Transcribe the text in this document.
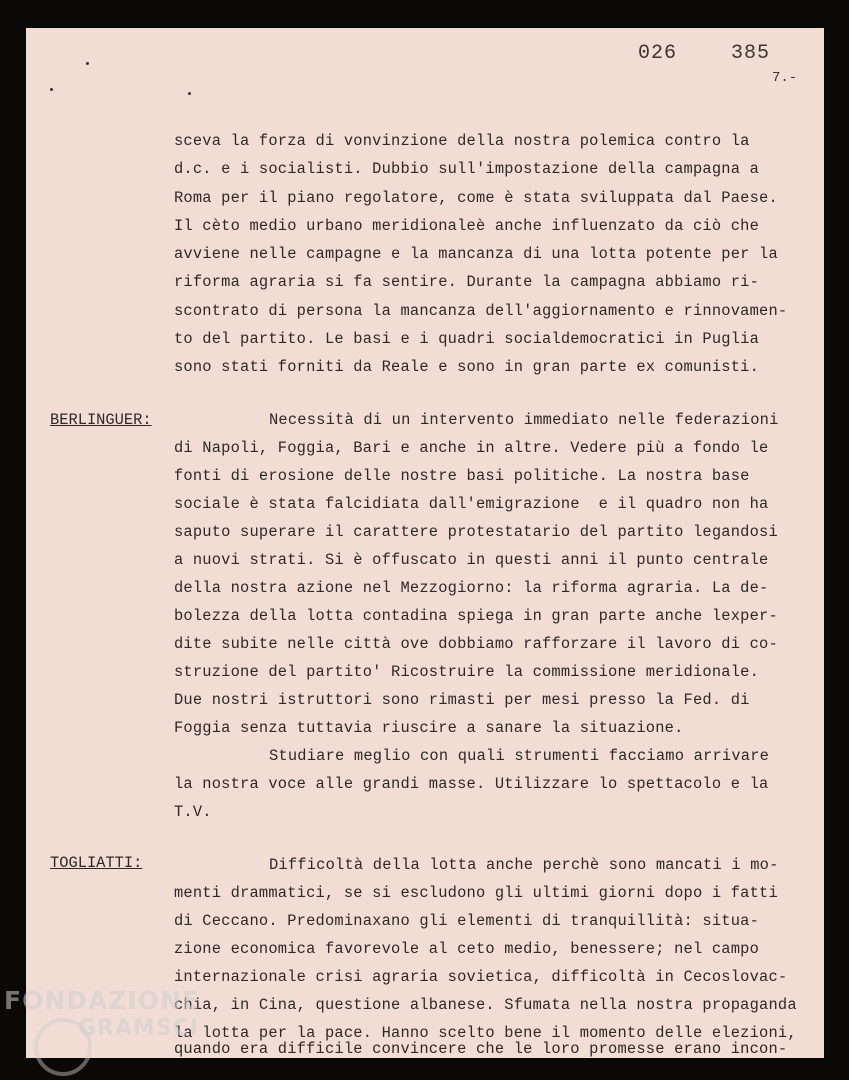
026  385
7.-
sceva la forza di vonvinzione della nostra polemica contro la
d.c. e i socialisti. Dubbio sull'impostazione della campagna a
Roma per il piano regolatore, come è stata sviluppata dal Paese.
Il cèto medio urbano meridionaleè anche influenzato da ciò che
avviene nelle campagne e la mancanza di una lotta potente per la
riforma agraria si fa sentire. Durante la campagna abbiamo ri-
scontrato di persona la mancanza dell'aggiornamento e rinnovamen-
to del partito. Le basi e i quadri socialdemocratici in Puglia
sono stati forniti da Reale e sono in gran parte ex comunisti.
BERLINGUER:	Necessità di un intervento immediato nelle federazioni
di Napoli, Foggia, Bari e anche in altre. Vedere più a fondo le
fonti di erosione delle nostre basi politiche. La nostra base
sociale è stata falcidiata dall'emigrazione  e il quadro non ha
saputo superare il carattere protestatario del partito legandosi
a nuovi strati. Si è offuscato in questi anni il punto centrale
della nostra azione nel Mezzogiorno: la riforma agraria. La de-
bolezza della lotta contadina spiega in gran parte anche lexper-
dite subite nelle città ove dobbiamo rafforzare il lavoro di co-
struzione del partito' Ricostruire la commissione meridionale.
Due nostri istruttori sono rimasti per mesi presso la Fed. di
Foggia senza tuttavia riuscire a sanare la situazione.
Studiare meglio con quali strumenti facciamo arrivare
la nostra voce alle grandi masse. Utilizzare lo spettacolo e la
T.V.
TOGLIATTI:	Difficoltà della lotta anche perchè sono mancati i mo-
menti drammatici, se si escludono gli ultimi giorni dopo i fatti
di Ceccano. Predominaxano gli elementi di tranquillità: situa-
zione economica favorevole al ceto medio, benessere; nel campo
internazionale crisi agraria sovietica, difficoltà in Cecoslovac-
chia, in Cina, questione albanese. Sfumata nella nostra propaganda
la lotta per la pace. Hanno scelto bene il momento delle elezioni,
quando era difficile convincere che le loro promesse erano incon-
FONDAZIONE
GRAMSCI
